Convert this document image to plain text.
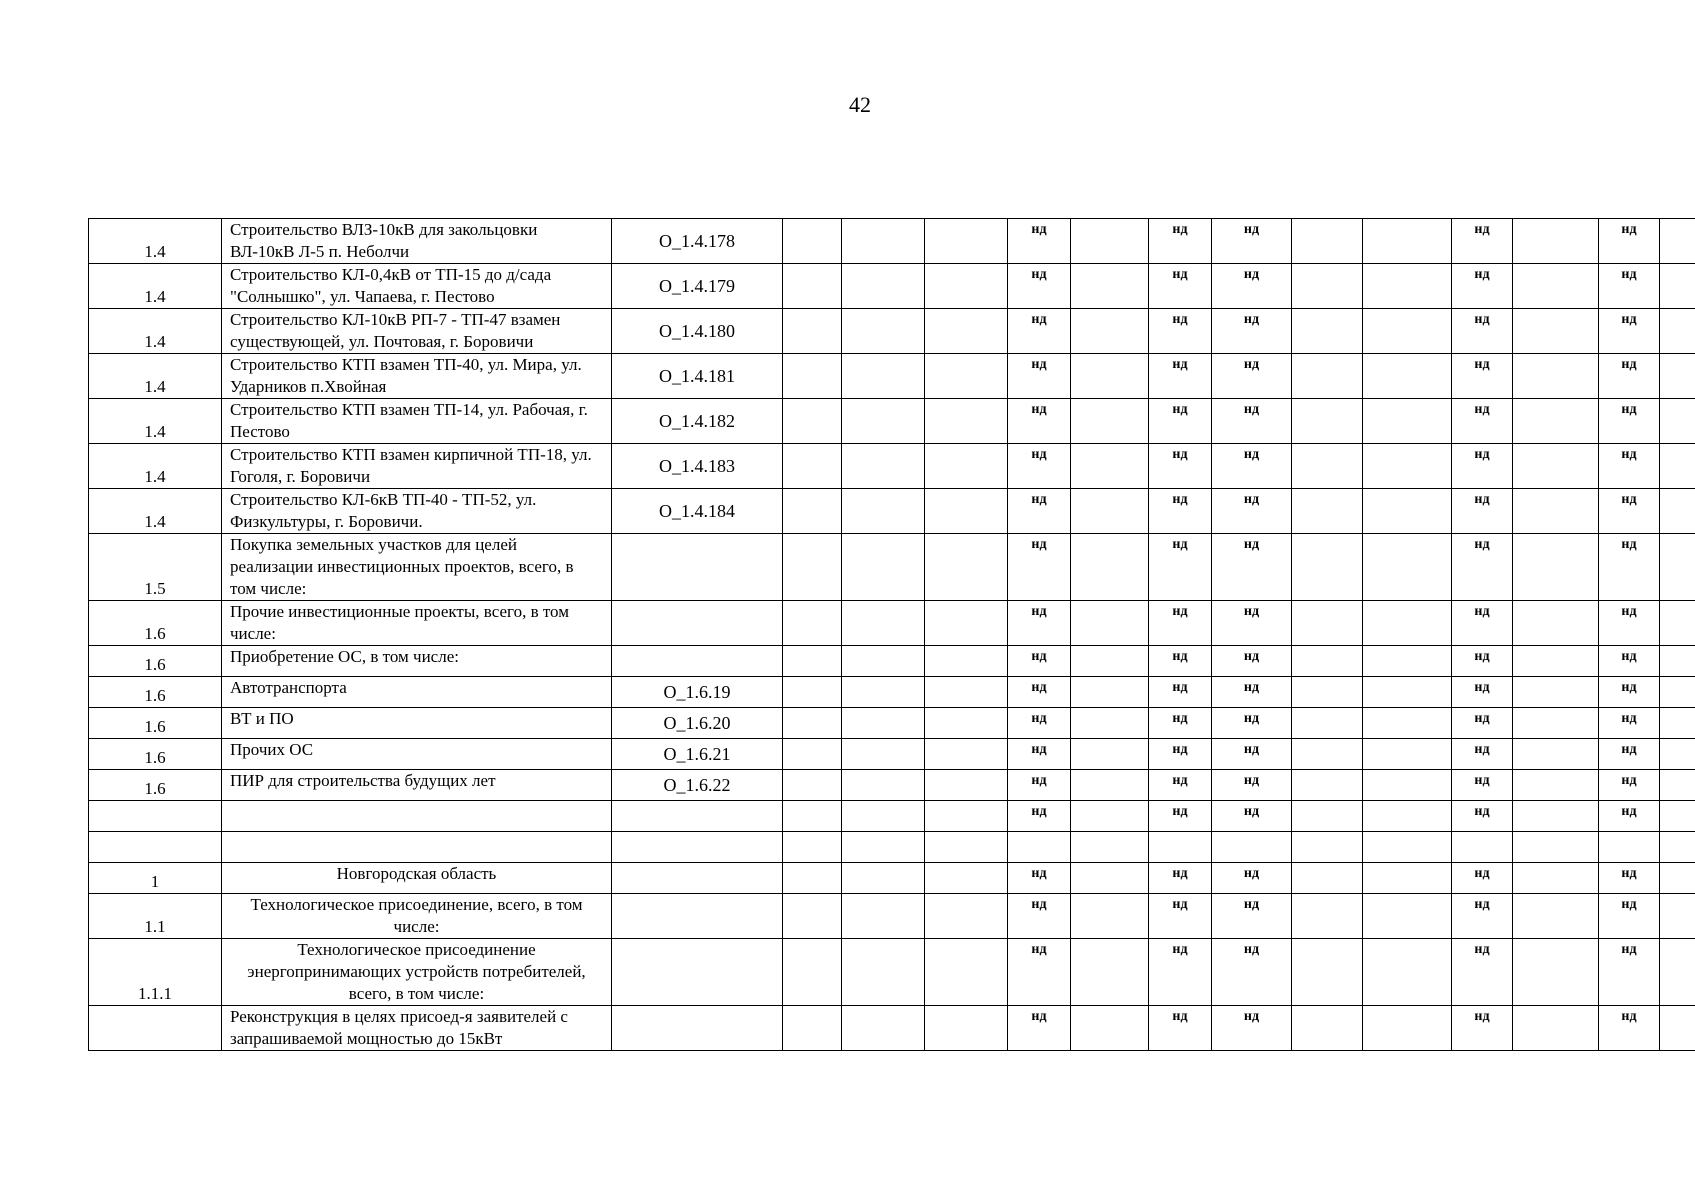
42
1.4	Строительство ВЛЗ-10кВ для закольцовки ВЛ-10кВ Л-5 п. Неболчи	О_1.4.178				нд		нд	нд			нд		нд	
1.4	Строительство КЛ-0,4кВ от ТП-15 до д/сада "Солнышко", ул. Чапаева, г. Пестово	О_1.4.179				нд		нд	нд			нд		нд	
1.4	Строительство КЛ-10кВ РП-7 - ТП-47 взамен существующей, ул. Почтовая, г. Боровичи	О_1.4.180				нд		нд	нд			нд		нд	
1.4	Строительство КТП взамен ТП-40, ул. Мира, ул. Ударников п.Хвойная	О_1.4.181				нд		нд	нд			нд		нд	
1.4	Строительство КТП взамен ТП-14, ул. Рабочая, г. Пестово	О_1.4.182				нд		нд	нд			нд		нд	
1.4	Строительство КТП взамен кирпичной ТП-18, ул. Гоголя, г. Боровичи	О_1.4.183				нд		нд	нд			нд		нд	
1.4	Строительство КЛ-6кВ ТП-40 - ТП-52, ул. Физкультуры, г. Боровичи.	О_1.4.184				нд		нд	нд			нд		нд	
1.5	Покупка земельных участков для целей реализации инвестиционных проектов, всего, в том числе:					нд		нд	нд			нд		нд	
1.6	Прочие инвестиционные проекты, всего, в том числе:					нд		нд	нд			нд		нд	
1.6	Приобретение ОС, в том числе:					нд		нд	нд			нд		нд	
1.6	Автотранспорта	О_1.6.19				нд		нд	нд			нд		нд	
1.6	ВТ и ПО	О_1.6.20				нд		нд	нд			нд		нд	
1.6	Прочих ОС	О_1.6.21				нд		нд	нд			нд		нд	
1.6	ПИР для строительства будущих лет	О_1.6.22				нд		нд	нд			нд		нд	
						нд		нд	нд			нд		нд	

1	Новгородская область					нд		нд	нд			нд		нд	
1.1	Технологическое присоединение, всего, в том числе:					нд		нд	нд			нд		нд	
1.1.1	Технологическое присоединение энергопринимающих устройств потребителей, всего, в том числе:					нд		нд	нд			нд		нд	
	Реконструкция в целях присоед-я заявителей с запрашиваемой мощностью до 15кВт					нд		нд	нд			нд		нд	
